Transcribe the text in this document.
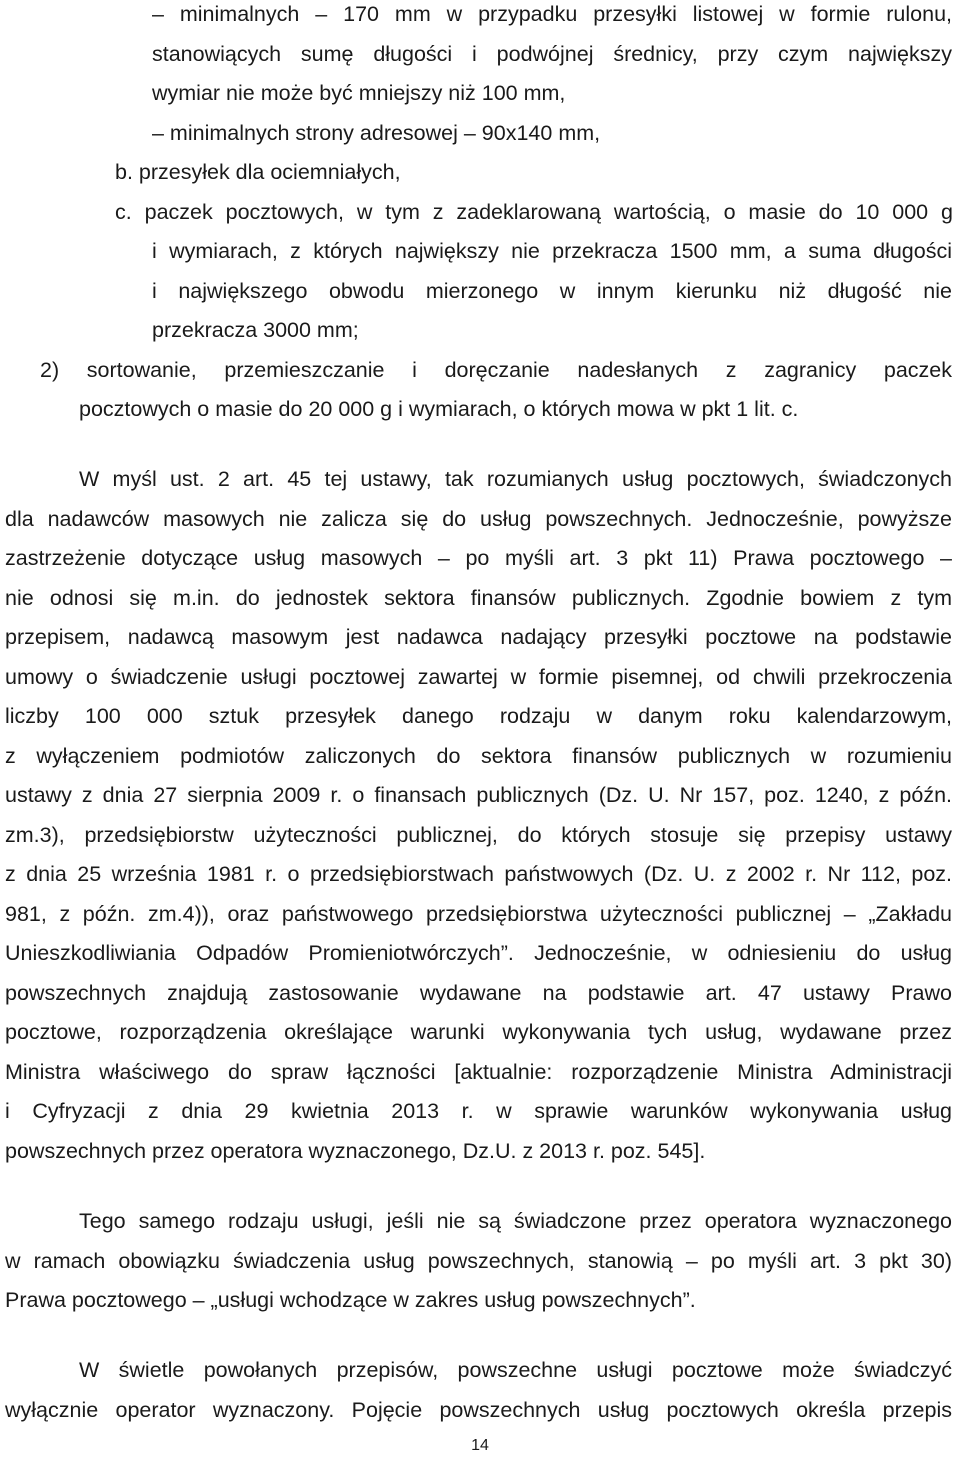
– minimalnych – 170 mm w przypadku przesyłki listowej w formie rulonu,
stanowiących sumę długości i podwójnej średnicy, przy czym największy
wymiar nie może być mniejszy niż 100 mm,
– minimalnych strony adresowej – 90x140 mm,
b. przesyłek dla ociemniałych,
c. paczek pocztowych, w tym z zadeklarowaną wartością, o masie do 10 000 g
i wymiarach, z których największy nie przekracza 1500 mm, a suma długości
i największego obwodu mierzonego w innym kierunku niż długość nie
przekracza 3000 mm;
2) sortowanie, przemieszczanie i doręczanie nadesłanych z zagranicy paczek
pocztowych o masie do 20 000 g i wymiarach, o których mowa w pkt 1 lit. c.
W myśl ust. 2 art. 45 tej ustawy, tak rozumianych usług pocztowych, świadczonych
dla nadawców masowych nie zalicza się do usług powszechnych. Jednocześnie, powyższe
zastrzeżenie dotyczące usług masowych – po myśli art. 3 pkt 11) Prawa pocztowego –
nie odnosi się m.in. do jednostek sektora finansów publicznych. Zgodnie bowiem z tym
przepisem, nadawcą masowym jest nadawca nadający przesyłki pocztowe na podstawie
umowy o świadczenie usługi pocztowej zawartej w formie pisemnej, od chwili przekroczenia
liczby 100 000 sztuk przesyłek danego rodzaju w danym roku kalendarzowym,
z wyłączeniem podmiotów zaliczonych do sektora finansów publicznych w rozumieniu
ustawy z dnia 27 sierpnia 2009 r. o finansach publicznych (Dz. U. Nr 157, poz. 1240, z późn.
zm.3), przedsiębiorstw użyteczności publicznej, do których stosuje się przepisy ustawy
z dnia 25 września 1981 r. o przedsiębiorstwach państwowych (Dz. U. z 2002 r. Nr 112, poz.
981, z późn. zm.4)), oraz państwowego przedsiębiorstwa użyteczności publicznej – „Zakładu
Unieszkodliwiania Odpadów Promieniotwórczych”. Jednocześnie, w odniesieniu do usług
powszechnych znajdują zastosowanie wydawane na podstawie art. 47 ustawy Prawo
pocztowe, rozporządzenia określające warunki wykonywania tych usług, wydawane przez
Ministra właściwego do spraw łączności [aktualnie: rozporządzenie Ministra Administracji
i Cyfryzacji z dnia 29 kwietnia 2013 r. w sprawie warunków wykonywania usług
powszechnych przez operatora wyznaczonego, Dz.U. z 2013 r. poz. 545].
Tego samego rodzaju usługi, jeśli nie są świadczone przez operatora wyznaczonego
w ramach obowiązku świadczenia usług powszechnych, stanowią – po myśli art. 3 pkt 30)
Prawa pocztowego – „usługi wchodzące w zakres usług powszechnych”.
W świetle powołanych przepisów, powszechne usługi pocztowe może świadczyć
wyłącznie operator wyznaczony. Pojęcie powszechnych usług pocztowych określa przepis
14
